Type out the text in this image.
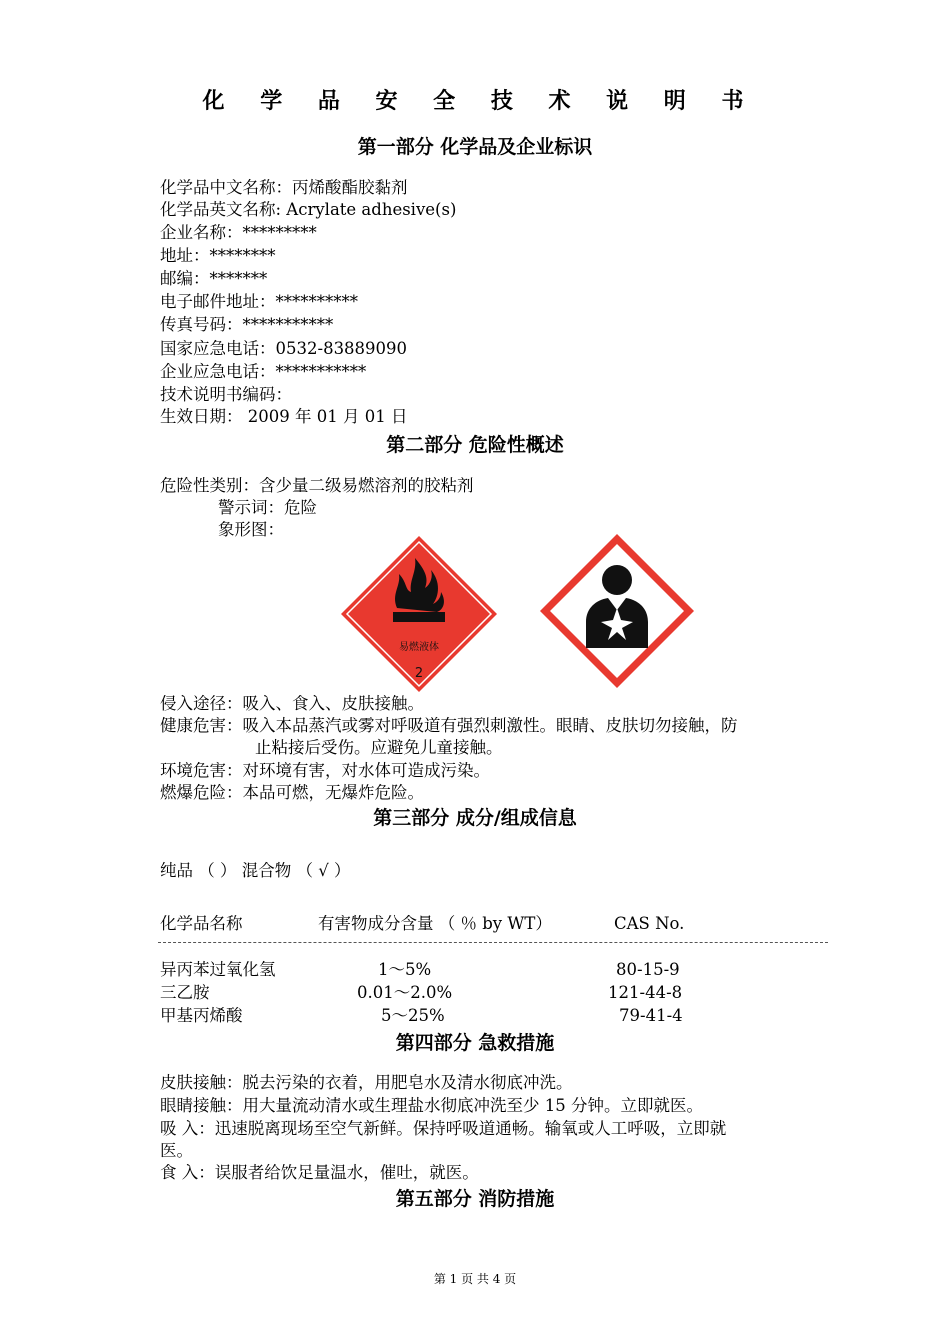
化 学 品 安 全 技 术 说 明 书
第一部分 化学品及企业标识
化学品中文名称：丙烯酸酯胶黏剂
化学品英文名称: Acrylate adhesive(s)
企业名称：*********
地址：********
邮编：*******
电子邮件地址：**********
传真号码：***********
国家应急电话：0532-83889090
企业应急电话：***********
技术说明书编码：
生效日期： 2009 年 01 月 01 日
第二部分 危险性概述
危险性类别：含少量二级易燃溶剂的胶粘剂
警示词：危险
象形图：
易燃液体
2
侵入途径：吸入、食入、皮肤接触。
健康危害：吸入本品蒸汽或雾对呼吸道有强烈刺激性。眼睛、皮肤切勿接触，防
止粘接后受伤。应避免儿童接触。
环境危害：对环境有害，对水体可造成污染。
燃爆危险：本品可燃，无爆炸危险。
第三部分 成分/组成信息
纯品 （ ） 混合物 （ √ ）
化学品名称	有害物成分含量 （ ％ by WT）	CAS No.
异丙苯过氧化氢	1～5%	80-15-9
三乙胺	0.01～2.0%	121-44-8
甲基丙烯酸	5～25%	79-41-4
第四部分 急救措施
皮肤接触：脱去污染的衣着，用肥皂水及清水彻底冲洗。
眼睛接触：用大量流动清水或生理盐水彻底冲洗至少 15 分钟。立即就医。
吸 入：迅速脱离现场至空气新鲜。保持呼吸道通畅。输氧或人工呼吸，立即就
医。
食 入：误服者给饮足量温水，催吐，就医。
第五部分 消防措施
第 1 页 共 4 页
